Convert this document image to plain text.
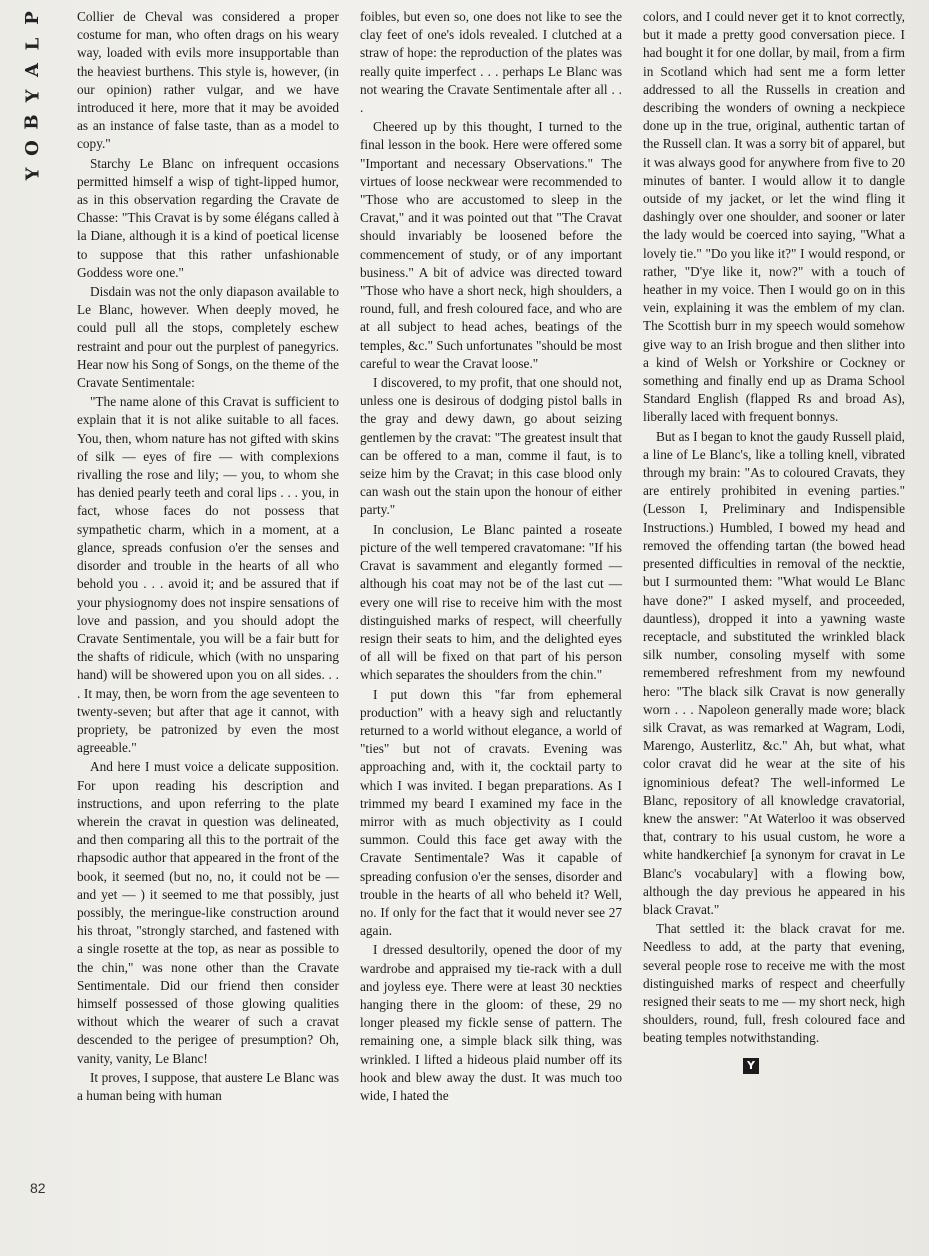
P
L
A
Y
B
O
Y
82

Collier de Cheval was considered a proper costume for man, who often drags on his weary way, loaded with evils more insupportable than the heaviest burthens. This style is, however, (in our opinion) rather vulgar, and we have introduced it here, more that it may be avoided as an instance of false taste, than as a model to copy."

Starchy Le Blanc on infrequent occasions permitted himself a wisp of tight-lipped humor, as in this observation regarding the Cravate de Chasse: "This Cravat is by some élégans called à la Diane, although it is a kind of poetical license to suppose that this rather unfashionable Goddess wore one."

Disdain was not the only diapason available to Le Blanc, however. When deeply moved, he could pull all the stops, completely eschew restraint and pour out the purplest of panegyrics. Hear now his Song of Songs, on the theme of the Cravate Sentimentale:

"The name alone of this Cravat is sufficient to explain that it is not alike suitable to all faces. You, then, whom nature has not gifted with skins of silk — eyes of fire — with complexions rivalling the rose and lily; — you, to whom she has denied pearly teeth and coral lips . . . you, in fact, whose faces do not possess that sympathetic charm, which in a moment, at a glance, spreads confusion o'er the senses and disorder and trouble in the hearts of all who behold you . . . avoid it; and be assured that if your physiognomy does not inspire sensations of love and passion, and you should adopt the Cravate Sentimentale, you will be a fair butt for the shafts of ridicule, which (with no unsparing hand) will be showered upon you on all sides. . . . It may, then, be worn from the age seventeen to twenty-seven; but after that age it cannot, with propriety, be patronized by even the most agreeable."

And here I must voice a delicate supposition. For upon reading his description and instructions, and upon referring to the plate wherein the cravat in question was delineated, and then comparing all this to the portrait of the rhapsodic author that appeared in the front of the book, it seemed (but no, no, it could not be — and yet — ) it seemed to me that possibly, just possibly, the meringue-like construction around his throat, "strongly starched, and fastened with a single rosette at the top, as near as possible to the chin," was none other than the Cravate Sentimentale. Did our friend then consider himself possessed of those glowing qualities without which the wearer of such a cravat descended to the perigee of presumption? Oh, vanity, vanity, Le Blanc!

It proves, I suppose, that austere Le Blanc was a human being with human

foibles, but even so, one does not like to see the clay feet of one's idols revealed. I clutched at a straw of hope: the reproduction of the plates was really quite imperfect . . . perhaps Le Blanc was not wearing the Cravate Sentimentale after all . . .

Cheered up by this thought, I turned to the final lesson in the book. Here were offered some "Important and necessary Observations." The virtues of loose neckwear were recommended to "Those who are accustomed to sleep in the Cravat," and it was pointed out that "The Cravat should invariably be loosened before the commencement of study, or of any important business." A bit of advice was directed toward "Those who have a short neck, high shoulders, a round, full, and fresh coloured face, and who are at all subject to head aches, beatings of the temples, &c." Such unfortunates "should be most careful to wear the Cravat loose."

I discovered, to my profit, that one should not, unless one is desirous of dodging pistol balls in the gray and dewy dawn, go about seizing gentlemen by the cravat: "The greatest insult that can be offered to a man, comme il faut, is to seize him by the Cravat; in this case blood only can wash out the stain upon the honour of either party."

In conclusion, Le Blanc painted a roseate picture of the well tempered cravatomane: "If his Cravat is savamment and elegantly formed — although his coat may not be of the last cut — every one will rise to receive him with the most distinguished marks of respect, will cheerfully resign their seats to him, and the delighted eyes of all will be fixed on that part of his person which separates the shoulders from the chin."

I put down this "far from ephemeral production" with a heavy sigh and reluctantly returned to a world without elegance, a world of "ties" but not of cravats. Evening was approaching and, with it, the cocktail party to which I was invited. I began preparations. As I trimmed my beard I examined my face in the mirror with as much objectivity as I could summon. Could this face get away with the Cravate Sentimentale? Was it capable of spreading confusion o'er the senses, disorder and trouble in the hearts of all who beheld it? Well, no. If only for the fact that it would never see 27 again.

I dressed desultorily, opened the door of my wardrobe and appraised my tie-rack with a dull and joyless eye. There were at least 30 neckties hanging there in the gloom: of these, 29 no longer pleased my fickle sense of pattern. The remaining one, a simple black silk thing, was wrinkled. I lifted a hideous plaid number off its hook and blew away the dust. It was much too wide, I hated the

colors, and I could never get it to knot correctly, but it made a pretty good conversation piece. I had bought it for one dollar, by mail, from a firm in Scotland which had sent me a form letter addressed to all the Russells in creation and describing the wonders of owning a neckpiece done up in the true, original, authentic tartan of the Russell clan. It was a sorry bit of apparel, but it was always good for anywhere from five to 20 minutes of banter. I would allow it to dangle outside of my jacket, or let the wind fling it dashingly over one shoulder, and sooner or later the lady would be coerced into saying, "What a lovely tie." "Do you like it?" I would respond, or rather, "D'ye like it, now?" with a touch of heather in my voice. Then I would go on in this vein, explaining it was the emblem of my clan. The Scottish burr in my speech would somehow give way to an Irish brogue and then slither into a kind of Welsh or Yorkshire or Cockney or something and finally end up as Drama School Standard English (flapped Rs and broad As), liberally laced with frequent bonnys.

But as I began to knot the gaudy Russell plaid, a line of Le Blanc's, like a tolling knell, vibrated through my brain: "As to coloured Cravats, they are entirely prohibited in evening parties." (Lesson I, Preliminary and Indispensible Instructions.) Humbled, I bowed my head and removed the offending tartan (the bowed head presented difficulties in removal of the necktie, but I surmounted them: "What would Le Blanc have done?" I asked myself, and proceeded, dauntless), dropped it into a yawning waste receptacle, and substituted the wrinkled black silk number, consoling myself with some remembered refreshment from my newfound hero: "The black silk Cravat is now generally worn . . . Napoleon generally made wore; black silk Cravat, as was remarked at Wagram, Lodi, Marengo, Austerlitz, &c." Ah, but what, what color cravat did he wear at the site of his ignominious defeat? The well-informed Le Blanc, repository of all knowledge cravatorial, knew the answer: "At Waterloo it was observed that, contrary to his usual custom, he wore a white handkerchief [a synonym for cravat in Le Blanc's vocabulary] with a flowing bow, although the day previous he appeared in his black Cravat."

That settled it: the black cravat for me. Needless to add, at the party that evening, several people rose to receive me with the most distinguished marks of respect and cheerfully resigned their seats to me — my short neck, high shoulders, round, full, fresh coloured face and beating temples notwithstanding.

Y
